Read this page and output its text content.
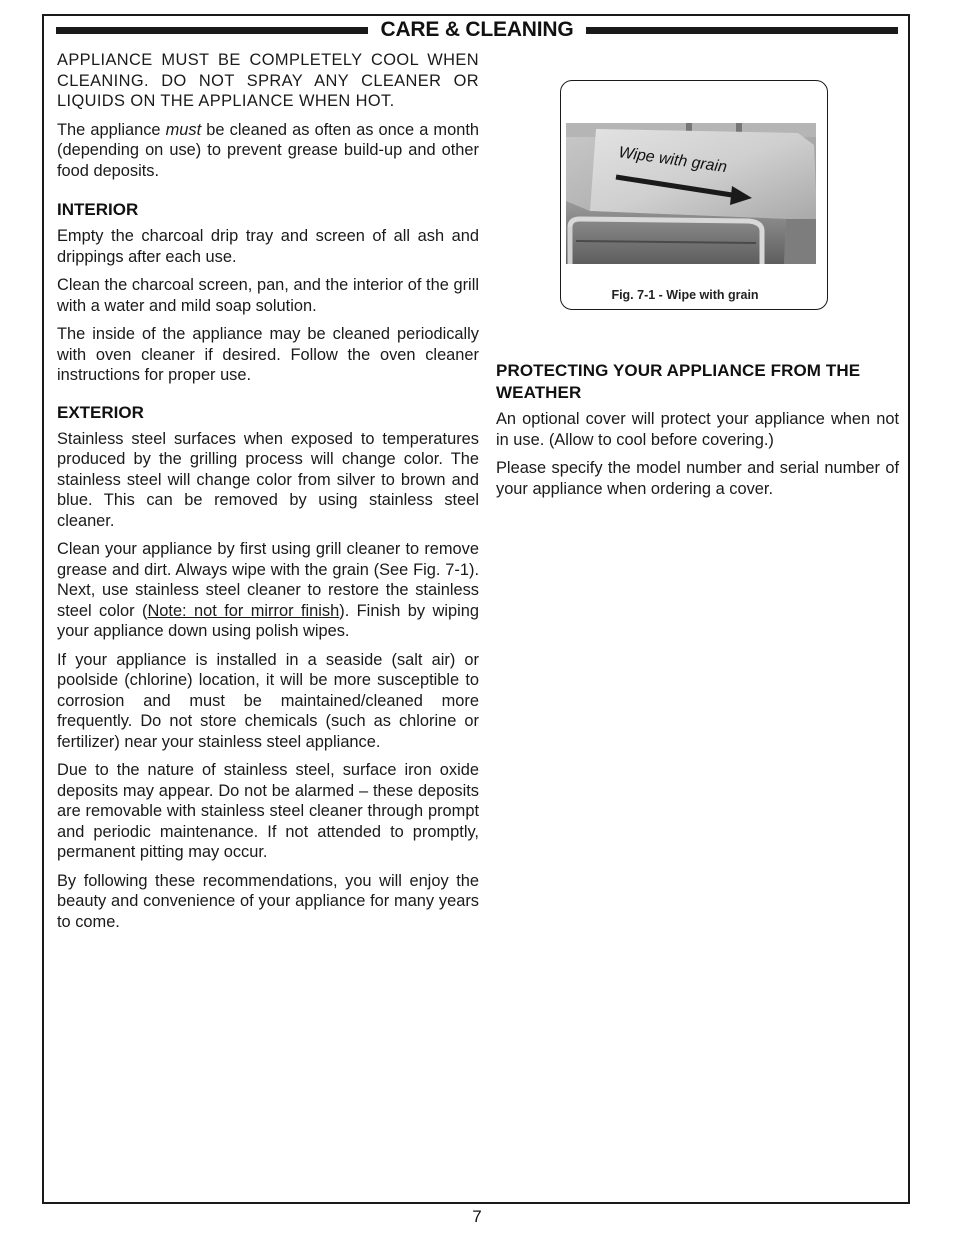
CARE & CLEANING

APPLIANCE MUST BE COMPLETELY COOL WHEN CLEANING. DO NOT SPRAY ANY CLEANER OR LIQUIDS ON THE APPLIANCE WHEN HOT.

The appliance must be cleaned as often as once a month (depending on use) to prevent grease build-up and other food deposits.

INTERIOR

Empty the charcoal drip tray and screen of all ash and drippings after each use.

Clean the charcoal screen, pan, and the interior of the grill with a water and mild soap solution.

The inside of the appliance may be cleaned periodically with oven cleaner if desired. Follow the oven cleaner instructions for proper use.

EXTERIOR

Stainless steel surfaces when exposed to temperatures produced by the grilling process will change color. The stainless steel will change color from silver to brown and blue. This can be removed by using stainless steel cleaner.

Clean your appliance by first using grill cleaner to remove grease and dirt. Always wipe with the grain (See Fig. 7-1). Next, use stainless steel cleaner to restore the stainless steel color (Note: not for mirror finish). Finish by wiping your appliance down using polish wipes.

If your appliance is installed in a seaside (salt air) or poolside (chlorine) location, it will be more susceptible to corrosion and must be maintained/cleaned more frequently. Do not store chemicals (such as chlorine or fertilizer) near your stainless steel appliance.

Due to the nature of stainless steel, surface iron oxide deposits may appear. Do not be alarmed – these deposits are removable with stainless steel cleaner through prompt and periodic maintenance. If not attended to promptly, permanent pitting may occur.

By following these recommendations, you will enjoy the beauty and convenience of your appliance for many years to come.

Wipe with grain
Fig. 7-1 - Wipe with grain
PROTECTING YOUR APPLIANCE FROM THE WEATHER

An optional cover will protect your appliance when not in use. (Allow to cool before covering.)

Please specify the model number and serial number of your appliance when ordering a cover.

7
